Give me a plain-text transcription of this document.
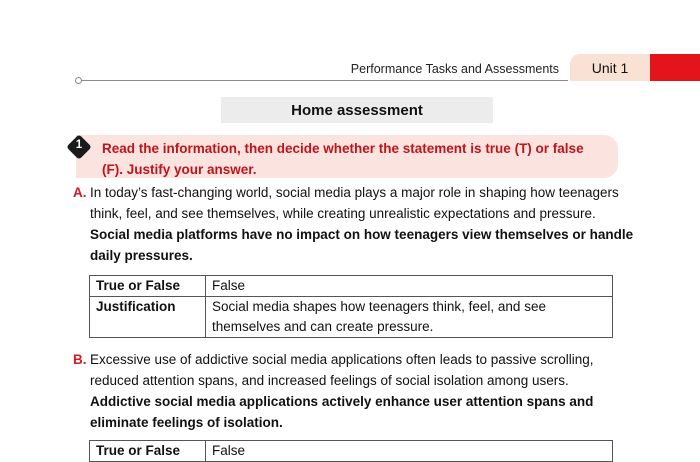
Performance Tasks and Assessments	Unit 1
Home assessment
1	Read the information, then decide whether the statement is true (T) or false
(F). Justify your answer.
A. In today’s fast-changing world, social media plays a major role in shaping how teenagers
think, feel, and see themselves, while creating unrealistic expectations and pressure.
Social media platforms have no impact on how teenagers view themselves or handle
daily pressures.
True or False	False
Justification	Social media shapes how teenagers think, feel, and see
themselves and can create pressure.
B. Excessive use of addictive social media applications often leads to passive scrolling,
reduced attention spans, and increased feelings of social isolation among users.
Addictive social media applications actively enhance user attention spans and
eliminate feelings of isolation.
True or False	False
